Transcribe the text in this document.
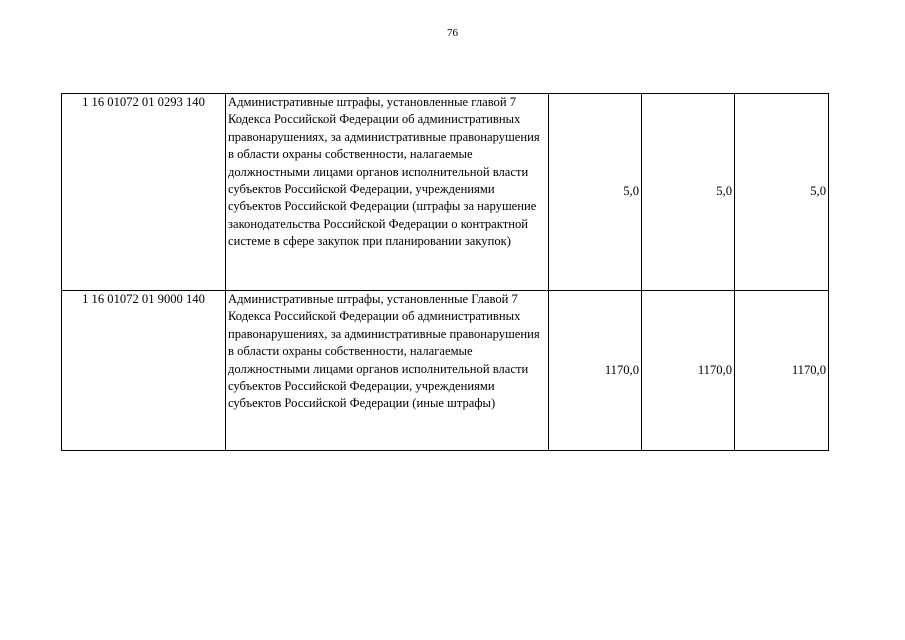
76
1 16 01072 01 0293 140	Административные штрафы, установленные главой 7 Кодекса Российской Федерации об административных правонарушениях, за административные правонарушения в области охраны собственности, налагаемые должностными лицами органов исполнительной власти субъектов Российской Федерации, учреждениями субъектов Российской Федерации (штрафы за нарушение законодательства Российской Федерации о контрактной системе в сфере закупок при планировании закупок)	5,0	5,0	5,0
1 16 01072 01 9000 140	Административные штрафы, установленные Главой 7 Кодекса Российской Федерации об административных правонарушениях, за административные правонарушения в области охраны собственности, налагаемые должностными лицами органов исполнительной власти субъектов Российской Федерации, учреждениями субъектов Российской Федерации (иные штрафы)	1170,0	1170,0	1170,0
